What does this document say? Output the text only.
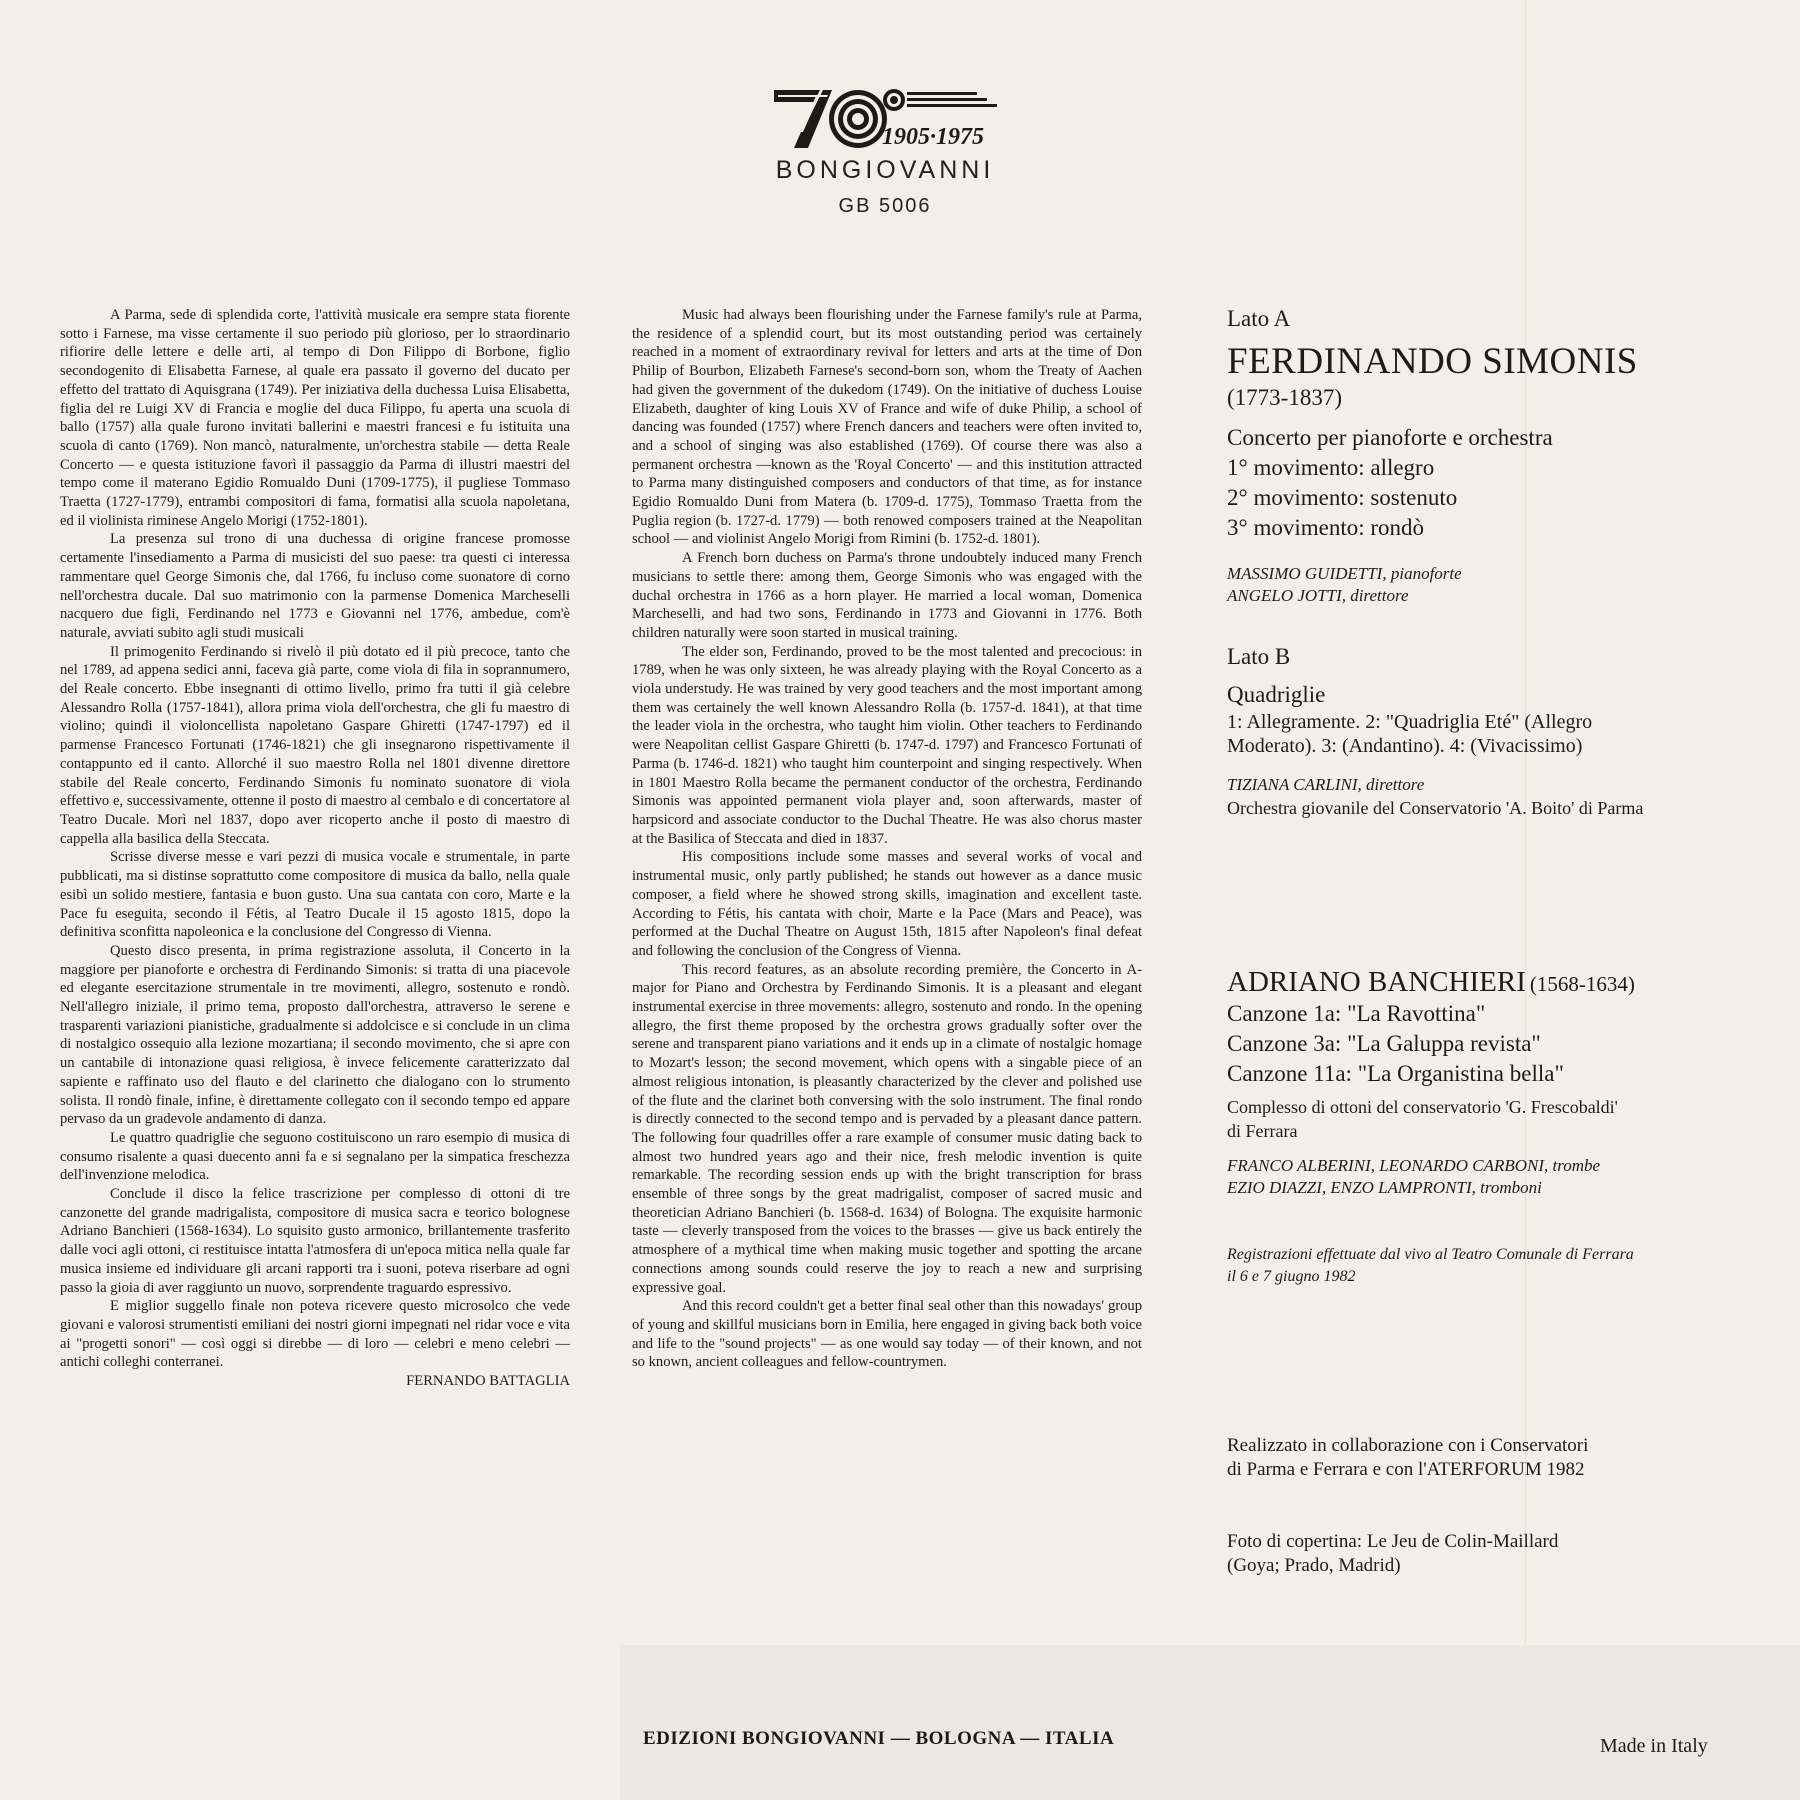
1905·1975
BONGIOVANNI
GB 5006

A Parma, sede di splendida corte, l'attività musicale era sempre stata fiorente sotto i Farnese, ma visse certamente il suo periodo più glorioso, per lo straordinario rifiorire delle lettere e delle arti, al tempo di Don Filippo di Borbone, figlio secondogenito di Elisabetta Farnese, al quale era passato il governo del ducato per effetto del trattato di Aquisgrana (1749). Per iniziativa della duchessa Luisa Elisabetta, figlia del re Luigi XV di Francia e moglie del duca Filippo, fu aperta una scuola di ballo (1757) alla quale furono invitati ballerini e maestri francesi e fu istituita una scuola di canto (1769). Non mancò, naturalmente, un'orchestra stabile — detta Reale Concerto — e questa istituzione favorì il passaggio da Parma di illustri maestri del tempo come il materano Egidio Romualdo Duni (1709-1775), il pugliese Tommaso Traetta (1727-1779), entrambi compositori di fama, formatisi alla scuola napoletana, ed il violinista riminese Angelo Morigi (1752-1801).

La presenza sul trono di una duchessa di origine francese promosse certamente l'insediamento a Parma di musicisti del suo paese: tra questi ci interessa rammentare quel George Simonis che, dal 1766, fu incluso come suonatore di corno nell'orchestra ducale. Dal suo matrimonio con la parmense Domenica Marcheselli nacquero due figli, Ferdinando nel 1773 e Giovanni nel 1776, ambedue, com'è naturale, avviati subito agli studi musicali

Il primogenito Ferdinando si rivelò il più dotato ed il più precoce, tanto che nel 1789, ad appena sedici anni, faceva già parte, come viola di fila in soprannumero, del Reale concerto. Ebbe insegnanti di ottimo livello, primo fra tutti il già celebre Alessandro Rolla (1757-1841), allora prima viola dell'orchestra, che gli fu maestro di violino; quindi il violoncellista napoletano Gaspare Ghiretti (1747-1797) ed il parmense Francesco Fortunati (1746-1821) che gli insegnarono rispettivamente il contappunto ed il canto. Allorché il suo maestro Rolla nel 1801 divenne direttore stabile del Reale concerto, Ferdinando Simonis fu nominato suonatore di viola effettivo e, successivamente, ottenne il posto di maestro al cembalo e di concertatore al Teatro Ducale. Morì nel 1837, dopo aver ricoperto anche il posto di maestro di cappella alla basilica della Steccata.

Scrisse diverse messe e vari pezzi di musica vocale e strumentale, in parte pubblicati, ma si distinse soprattutto come compositore di musica da ballo, nella quale esibì un solido mestiere, fantasia e buon gusto. Una sua cantata con coro, Marte e la Pace fu eseguita, secondo il Fétis, al Teatro Ducale il 15 agosto 1815, dopo la definitiva sconfitta napoleonica e la conclusione del Congresso di Vienna.

Questo disco presenta, in prima registrazione assoluta, il Concerto in la maggiore per pianoforte e orchestra di Ferdinando Simonis: si tratta di una piacevole ed elegante esercitazione strumentale in tre movimenti, allegro, sostenuto e rondò. Nell'allegro iniziale, il primo tema, proposto dall'orchestra, attraverso le serene e trasparenti variazioni pianistiche, gradualmente si addolcisce e si conclude in un clima di nostalgico ossequio alla lezione mozartiana; il secondo movimento, che si apre con un cantabile di intonazione quasi religiosa, è invece felicemente caratterizzato dal sapiente e raffinato uso del flauto e del clarinetto che dialogano con lo strumento solista. Il rondò finale, infine, è direttamente collegato con il secondo tempo ed appare pervaso da un gradevole andamento di danza.

Le quattro quadriglie che seguono costituiscono un raro esempio di musica di consumo risalente a quasi duecento anni fa e si segnalano per la simpatica freschezza dell'invenzione melodica.

Conclude il disco la felice trascrizione per complesso di ottoni di tre canzonette del grande madrigalista, compositore di musica sacra e teorico bolognese Adriano Banchieri (1568-1634). Lo squisito gusto armonico, brillantemente trasferito dalle voci agli ottoni, ci restituisce intatta l'atmosfera di un'epoca mitica nella quale far musica insieme ed individuare gli arcani rapporti tra i suoni, poteva riserbare ad ogni passo la gioia di aver raggiunto un nuovo, sorprendente traguardo espressivo.

E miglior suggello finale non poteva ricevere questo microsolco che vede giovani e valorosi strumentisti emiliani dei nostri giorni impegnati nel ridar voce e vita ai "progetti sonori" — così oggi si direbbe — di loro — celebri e meno celebri — antichi colleghi conterranei.

FERNANDO BATTAGLIA

Music had always been flourishing under the Farnese family's rule at Parma, the residence of a splendid court, but its most outstanding period was certainely reached in a moment of extraordinary revival for letters and arts at the time of Don Philip of Bourbon, Elizabeth Farnese's second-born son, whom the Treaty of Aachen had given the government of the dukedom (1749). On the initiative of duchess Louise Elizabeth, daughter of king Louis XV of France and wife of duke Philip, a school of dancing was founded (1757) where French dancers and teachers were often invited to, and a school of singing was also established (1769). Of course there was also a permanent orchestra —known as the 'Royal Concerto' — and this institution attracted to Parma many distinguished composers and conductors of that time, as for instance Egidio Romualdo Duni from Matera (b. 1709-d. 1775), Tommaso Traetta from the Puglia region (b. 1727-d. 1779) — both renowed composers trained at the Neapolitan school — and violinist Angelo Morigi from Rimini (b. 1752-d. 1801).

A French born duchess on Parma's throne undoubtely induced many French musicians to settle there: among them, George Simonis who was engaged with the duchal orchestra in 1766 as a horn player. He married a local woman, Domenica Marcheselli, and had two sons, Ferdinando in 1773 and Giovanni in 1776. Both children naturally were soon started in musical training.

The elder son, Ferdinando, proved to be the most talented and precocious: in 1789, when he was only sixteen, he was already playing with the Royal Concerto as a viola understudy. He was trained by very good teachers and the most important among them was certainely the well known Alessandro Rolla (b. 1757-d. 1841), at that time the leader viola in the orchestra, who taught him violin. Other teachers to Ferdinando were Neapolitan cellist Gaspare Ghiretti (b. 1747-d. 1797) and Francesco Fortunati of Parma (b. 1746-d. 1821) who taught him counterpoint and singing respectively. When in 1801 Maestro Rolla became the permanent conductor of the orchestra, Ferdinando Simonis was appointed permanent viola player and, soon afterwards, master of harpsicord and associate conductor to the Duchal Theatre. He was also chorus master at the Basilica of Steccata and died in 1837.

His compositions include some masses and several works of vocal and instrumental music, only partly published; he stands out however as a dance music composer, a field where he showed strong skills, imagination and excellent taste. According to Fétis, his cantata with choir, Marte e la Pace (Mars and Peace), was performed at the Duchal Theatre on August 15th, 1815 after Napoleon's final defeat and following the conclusion of the Congress of Vienna.

This record features, as an absolute recording première, the Concerto in A-major for Piano and Orchestra by Ferdinando Simonis. It is a pleasant and elegant instrumental exercise in three movements: allegro, sostenuto and rondo. In the opening allegro, the first theme proposed by the orchestra grows gradually softer over the serene and transparent piano variations and it ends up in a climate of nostalgic homage to Mozart's lesson; the second movement, which opens with a singable piece of an almost religious intonation, is pleasantly characterized by the clever and polished use of the flute and the clarinet both conversing with the solo instrument. The final rondo is directly connected to the second tempo and is pervaded by a pleasant dance pattern. The following four quadrilles offer a rare example of consumer music dating back to almost two hundred years ago and their nice, fresh melodic invention is quite remarkable. The recording session ends up with the bright transcription for brass ensemble of three songs by the great madrigalist, composer of sacred music and theoretician Adriano Banchieri (b. 1568-d. 1634) of Bologna. The exquisite harmonic taste — cleverly transposed from the voices to the brasses — give us back entirely the atmosphere of a mythical time when making music together and spotting the arcane connections among sounds could reserve the joy to reach a new and surprising expressive goal.

And this record couldn't get a better final seal other than this nowadays' group of young and skillful musicians born in Emilia, here engaged in giving back both voice and life to the "sound projects" — as one would say today — of their known, and not so known, ancient colleagues and fellow-countrymen.

Lato A

FERDINANDO SIMONIS
(1773-1837)
Concerto per pianoforte e orchestra
1° movimento: allegro
2° movimento: sostenuto
3° movimento: rondò
MASSIMO GUIDETTI, pianoforte
ANGELO JOTTI, direttore

Lato B

Quadriglie
1: Allegramente. 2: "Quadriglia Eté" (Allegro
Moderato). 3: (Andantino). 4: (Vivacissimo)
TIZIANA CARLINI, direttore
Orchestra giovanile del Conservatorio 'A. Boito' di Parma
ADRIANO BANCHIERI (1568-1634)
Canzone 1a: "La Ravottina"
Canzone 3a: "La Galuppa revista"
Canzone 11a: "La Organistina bella"
Complesso di ottoni del conservatorio 'G. Frescobaldi'
di Ferrara
FRANCO ALBERINI, LEONARDO CARBONI, trombe
EZIO DIAZZI, ENZO LAMPRONTI, tromboni
Registrazioni effettuate dal vivo al Teatro Comunale di Ferrara
il 6 e 7 giugno 1982
Realizzato in collaborazione con i Conservatori
di Parma e Ferrara e con l'ATERFORUM 1982
Foto di copertina: Le Jeu de Colin-Maillard
(Goya; Prado, Madrid)
EDIZIONI BONGIOVANNI — BOLOGNA — ITALIA	Made in Italy
